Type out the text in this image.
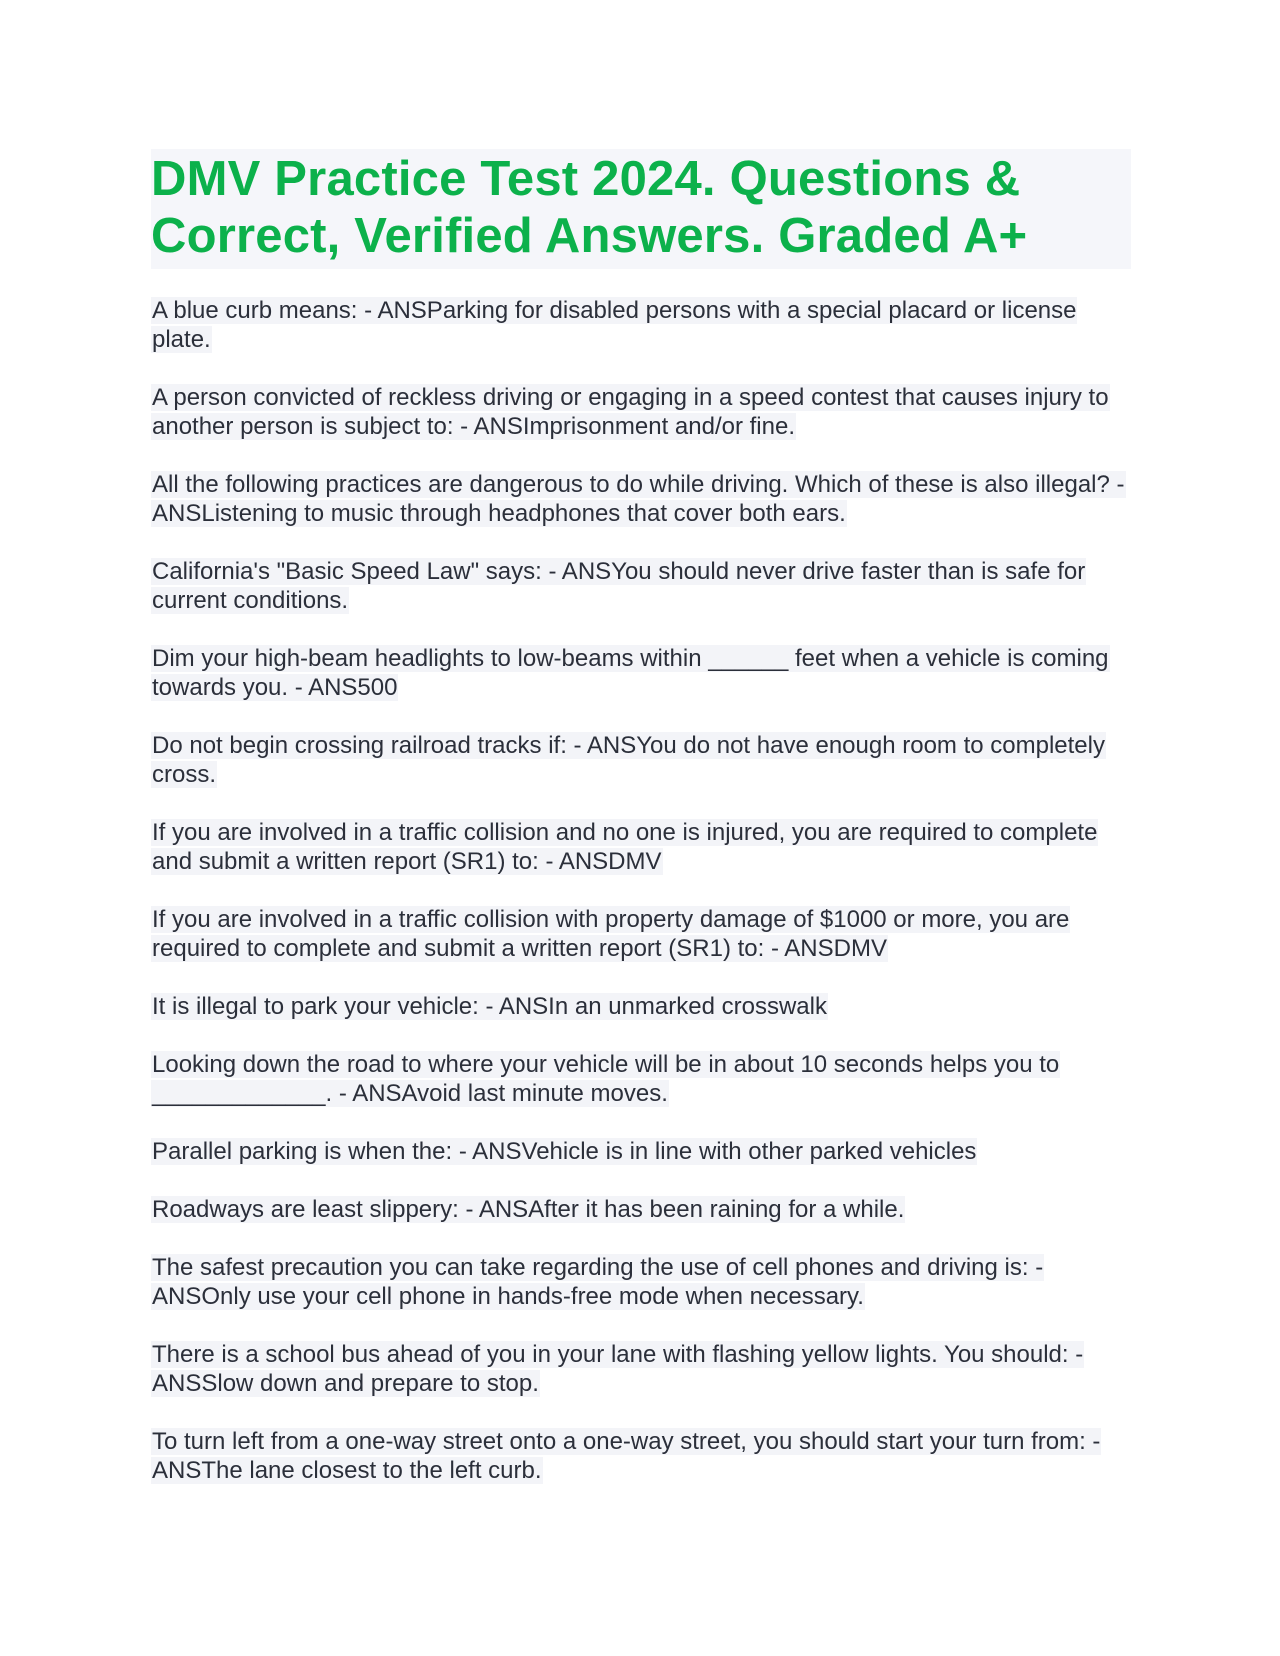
DMV Practice Test 2024. Questions & Correct, Verified Answers. Graded A+

A blue curb means: - ANSParking for disabled persons with a special placard or license plate.

A person convicted of reckless driving or engaging in a speed contest that causes injury to another person is subject to: - ANSImprisonment and/or fine.

All the following practices are dangerous to do while driving. Which of these is also illegal? - ANSListening to music through headphones that cover both ears.

California's "Basic Speed Law" says: - ANSYou should never drive faster than is safe for current conditions.

Dim your high-beam headlights to low-beams within ______ feet when a vehicle is coming towards you. - ANS500

Do not begin crossing railroad tracks if: - ANSYou do not have enough room to completely cross.

If you are involved in a traffic collision and no one is injured, you are required to complete and submit a written report (SR1) to: - ANSDMV

If you are involved in a traffic collision with property damage of $1000 or more, you are required to complete and submit a written report (SR1) to: - ANSDMV

It is illegal to park your vehicle: - ANSIn an unmarked crosswalk

Looking down the road to where your vehicle will be in about 10 seconds helps you to _____________. - ANSAvoid last minute moves.

Parallel parking is when the: - ANSVehicle is in line with other parked vehicles

Roadways are least slippery: - ANSAfter it has been raining for a while.

The safest precaution you can take regarding the use of cell phones and driving is: - ANSOnly use your cell phone in hands-free mode when necessary.

There is a school bus ahead of you in your lane with flashing yellow lights. You should: - ANSSlow down and prepare to stop.

To turn left from a one-way street onto a one-way street, you should start your turn from: - ANSThe lane closest to the left curb.
